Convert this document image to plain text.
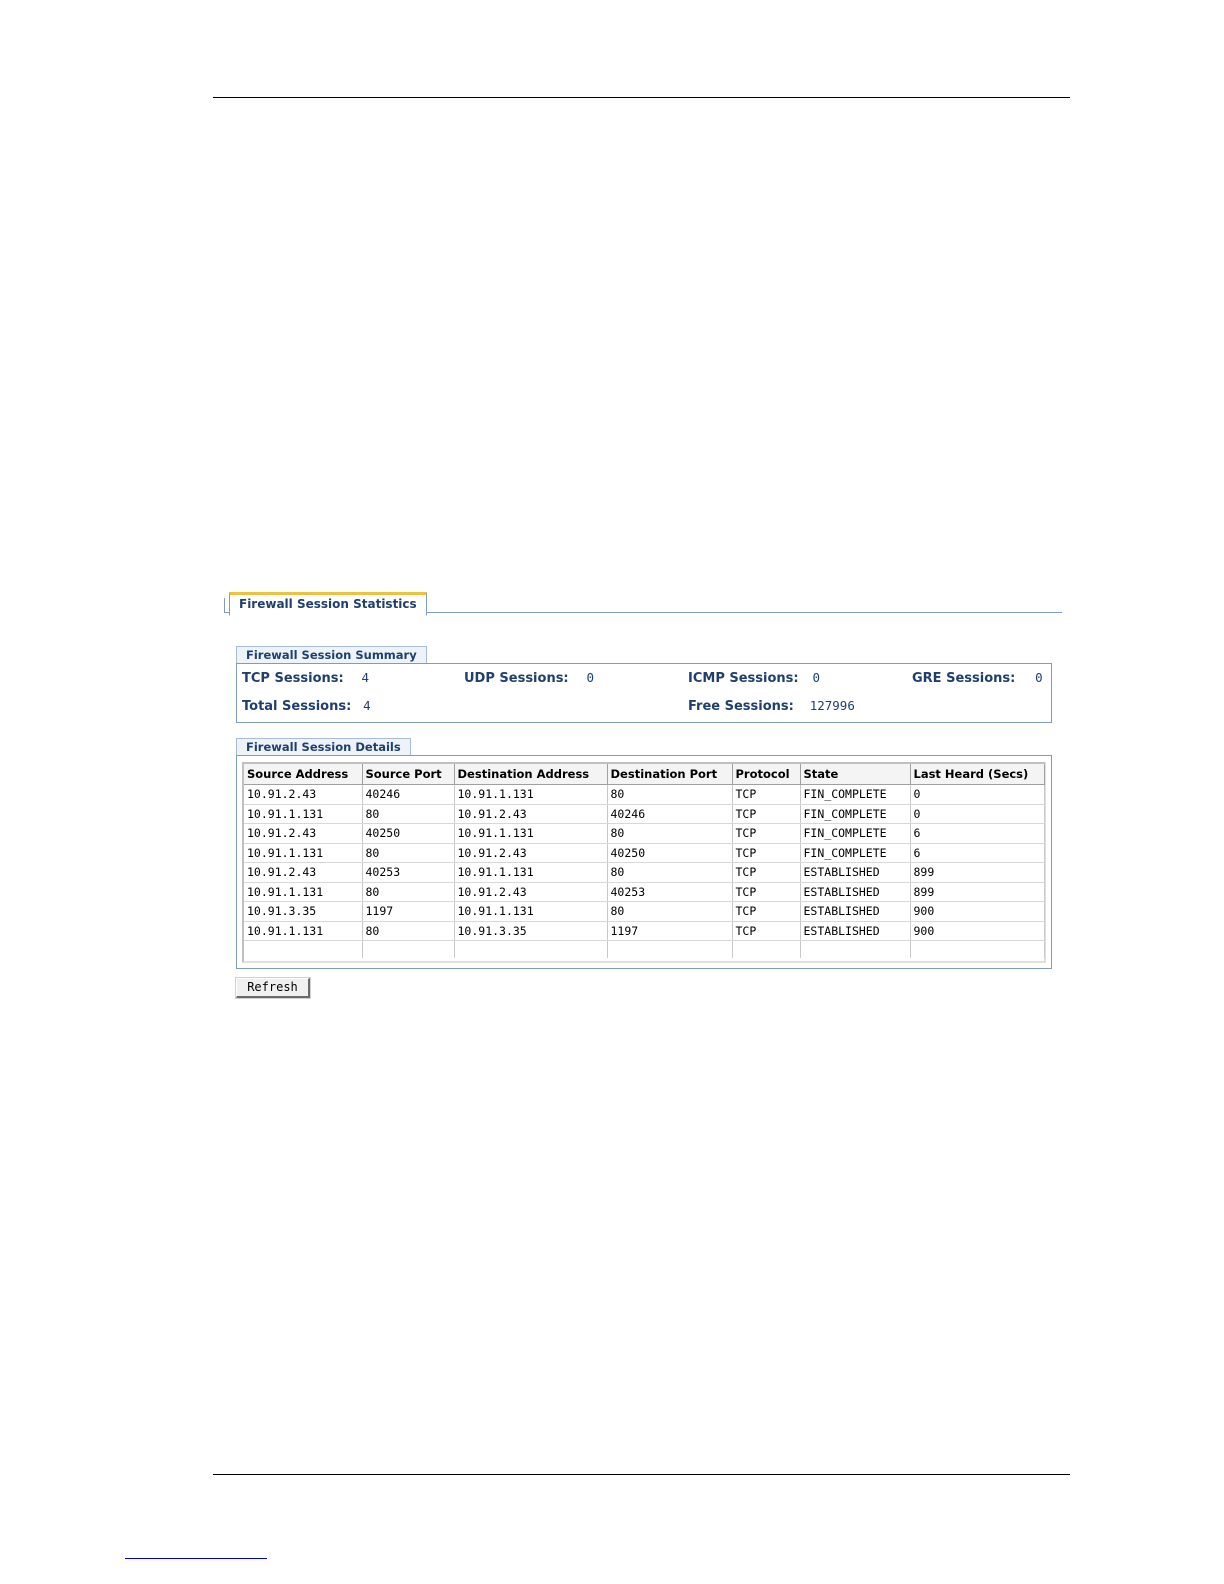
Firewall Session Statistics
Firewall Session Summary
TCP Sessions: 4	UDP Sessions: 0	ICMP Sessions: 0	GRE Sessions: 0
Total Sessions: 4	Free Sessions: 127996
Firewall Session Details
Source Address	Source Port	Destination Address	Destination Port	Protocol	State	Last Heard (Secs)
10.91.2.43	40246	10.91.1.131	80	TCP	FIN_COMPLETE	0
10.91.1.131	80	10.91.2.43	40246	TCP	FIN_COMPLETE	0
10.91.2.43	40250	10.91.1.131	80	TCP	FIN_COMPLETE	6
10.91.1.131	80	10.91.2.43	40250	TCP	FIN_COMPLETE	6
10.91.2.43	40253	10.91.1.131	80	TCP	ESTABLISHED	899
10.91.1.131	80	10.91.2.43	40253	TCP	ESTABLISHED	899
10.91.3.35	1197	10.91.1.131	80	TCP	ESTABLISHED	900
10.91.1.131	80	10.91.3.35	1197	TCP	ESTABLISHED	900

Refresh
